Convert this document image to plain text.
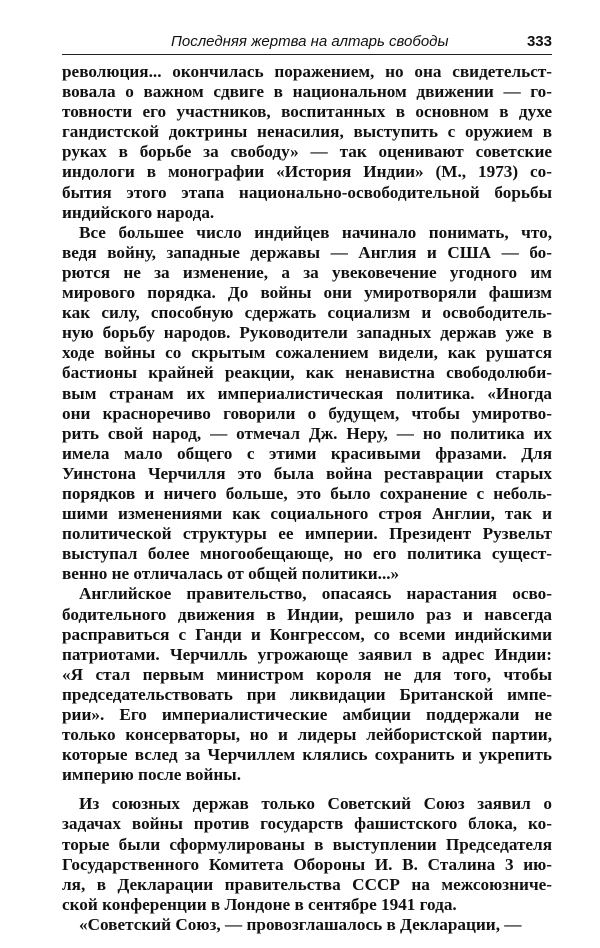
Последняя жертва на алтарь свободы	333
революция... окончилась поражением, но она свидетельст-
вовала о важном сдвиге в национальном движении — го-
товности его участников, воспитанных в основном в духе
гандистской доктрины ненасилия, выступить с оружием в
руках в борьбе за свободу» — так оценивают советские
индологи в монографии «История Индии» (М., 1973) со-
бытия этого этапа национально-освободительной борьбы
индийского народа.
Все большее число индийцев начинало понимать, что,
ведя войну, западные державы — Англия и США — бо-
рются не за изменение, а за увековечение угодного им
мирового порядка. До войны они умиротворяли фашизм
как силу, способную сдержать социализм и освободитель-
ную борьбу народов. Руководители западных держав уже в
ходе войны со скрытым сожалением видели, как рушатся
бастионы крайней реакции, как ненавистна свободолюби-
вым странам их империалистическая политика. «Иногда
они красноречиво говорили о будущем, чтобы умиротво-
рить свой народ, — отмечал Дж. Неру, — но политика их
имела мало общего с этими красивыми фразами. Для
Уинстона Черчилля это была война реставрации старых
порядков и ничего больше, это было сохранение с неболь-
шими изменениями как социального строя Англии, так и
политической структуры ее империи. Президент Рузвельт
выступал более многообещающе, но его политика сущест-
венно не отличалась от общей политики...»
Английское правительство, опасаясь нарастания осво-
бодительного движения в Индии, решило раз и навсегда
расправиться с Ганди и Конгрессом, со всеми индийскими
патриотами. Черчилль угрожающе заявил в адрес Индии:
«Я стал первым министром короля не для того, чтобы
председательствовать при ликвидации Британской импе-
рии». Его империалистические амбиции поддержали не
только консерваторы, но и лидеры лейбористской партии,
которые вслед за Черчиллем клялись сохранить и укрепить
империю после войны.
Из союзных держав только Советский Союз заявил о
задачах войны против государств фашистского блока, ко-
торые были сформулированы в выступлении Председателя
Государственного Комитета Обороны И. В. Сталина 3 ию-
ля, в Декларации правительства СССР на межсоюзниче-
ской конференции в Лондоне в сентябре 1941 года.
«Советский Союз, — провозглашалось в Декларации, —
